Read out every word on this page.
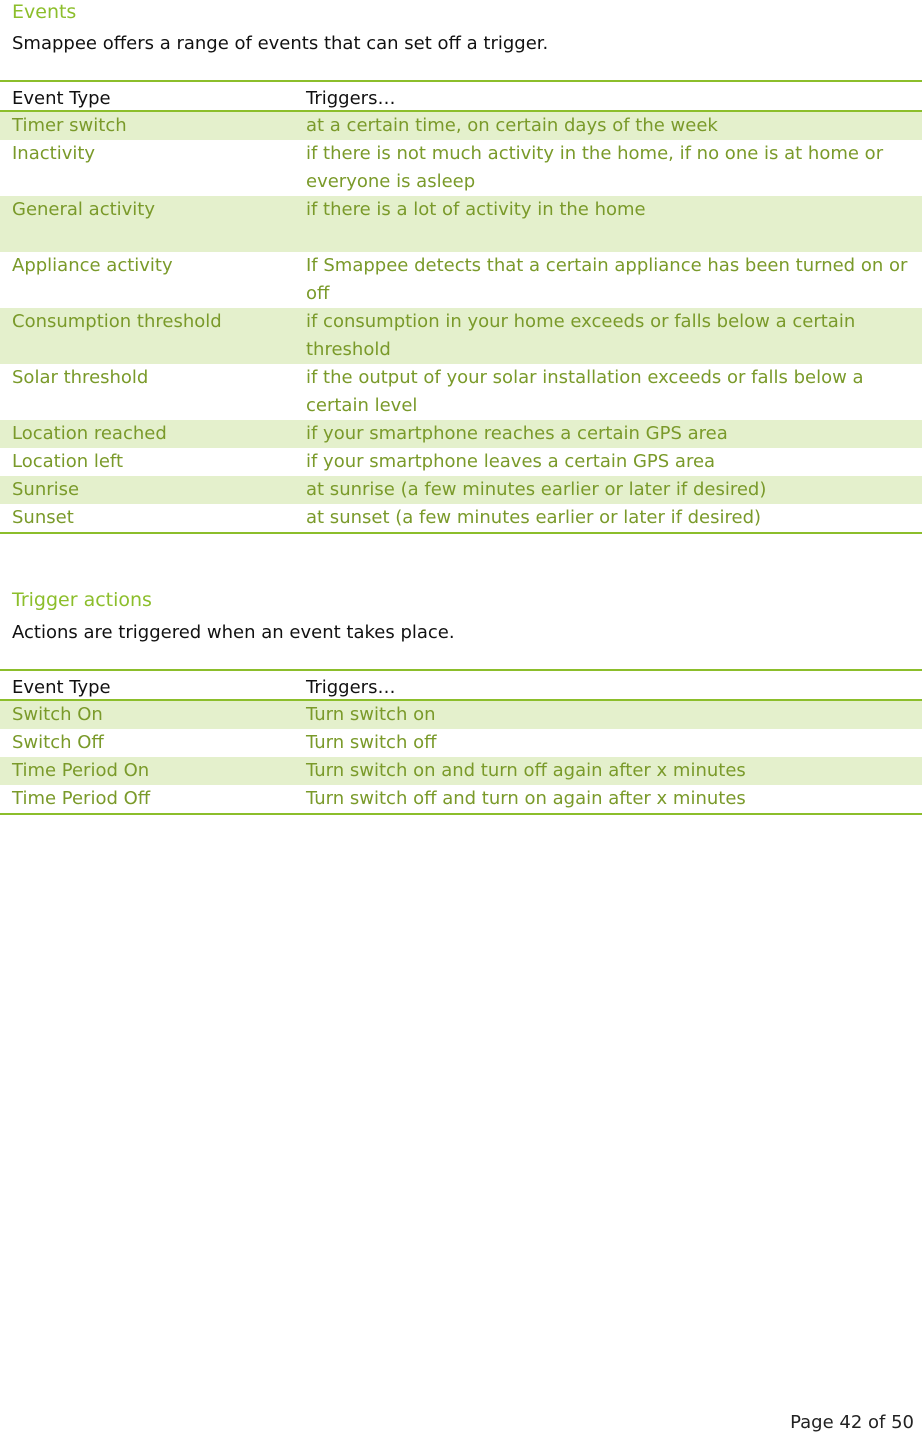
Events
Smappee offers a range of events that can set off a trigger.
Event Type	Triggers…
Timer switch	at a certain time, on certain days of the week
Inactivity	if there is not much activity in the home, if no one is at home or everyone is asleep
General activity	if there is a lot of activity in the home
Appliance activity	If Smappee detects that a certain appliance has been turned on or off
Consumption threshold	if consumption in your home exceeds or falls below a certain threshold
Solar threshold	if the output of your solar installation exceeds or falls below a certain level
Location reached	if your smartphone reaches a certain GPS area
Location left	if your smartphone leaves a certain GPS area
Sunrise	at sunrise (a few minutes earlier or later if desired)
Sunset	at sunset (a few minutes earlier or later if desired)
Trigger actions
Actions are triggered when an event takes place.
Event Type	Triggers…
Switch On	Turn switch on
Switch Off	Turn switch off
Time Period On	Turn switch on and turn off again after x minutes
Time Period Off	Turn switch off and turn on again after x minutes
Page 42 of 50
